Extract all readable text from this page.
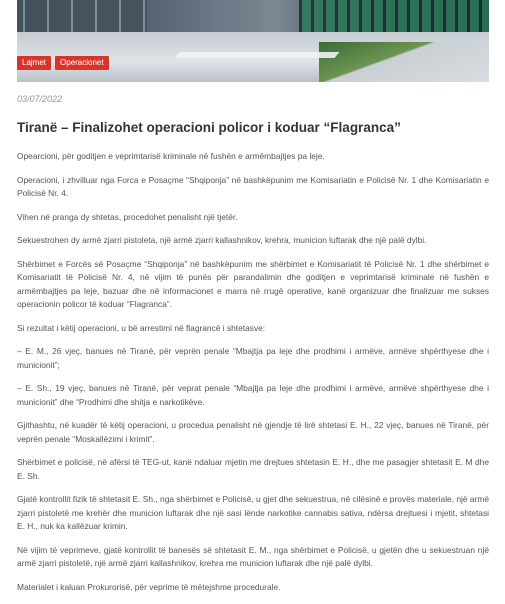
Lajmet	Operacionet
03/07/2022
Tiranë – Finalizohet operacioni policor i koduar “Flagranca”

Opearcioni, për goditjen e veprimtarisë kriminale në fushën e armëmbajtjes pa leje.

Operacioni, i zhvilluar nga Forca e Posaçme “Shqiponja” në bashkëpunim me Komisariatin e Policisë Nr. 1 dhe Komisariatin e Policisë Nr. 4.

Vihen në pranga dy shtetas, procedohet penalisht një tjetër.

Sekuestrohen dy armë zjarri pistoleta, një armë zjarri kallashnikov, krehra, municion luftarak dhe një palë dylbi.

Shërbimet e Forcës së Posaçme “Shqiponja” në bashkëpunim me shërbimet e Komisariatit të Policisë Nr. 1 dhe shërbimet e Komisariatit të Policisë Nr. 4, në vijim të punës për parandalimin dhe goditjen e veprimtarisë kriminale në fushën e armëmbajtjes pa leje, bazuar dhe në informacionet e marra në rrugë operative, kanë organizuar dhe finalizuar me sukses operacionin policor të koduar “Flagranca”.

Si rezultat i këtij operacioni, u bë arrestimi në flagrancë i shtetasve:

– E. M., 26 vjeç, banues në Tiranë, për veprën penale “Mbajtja pa leje dhe prodhimi i armëve, armëve shpërthyese dhe i municionit”;

– E. Sh., 19 vjeç, banues në Tiranë, për veprat penale “Mbajtja pa leje dhe prodhimi i armëve, armëve shpërthyese dhe i municionit” dhe “Prodhimi dhe shitja e narkotikëve.

Gjithashtu, në kuadër të këtij operacioni, u procedua penalisht në gjendje të lirë shtetasi E. H., 22 vjeç, banues në Tiranë, për veprën penale “Moskallëzimi i krimit”.

Shërbimet e policisë, në afërsi të TEG-ut, kanë ndaluar mjetin me drejtues shtetasin E. H., dhe me pasagjer shtetasit E. M dhe E. Sh.

Gjatë kontrollit fizik të shtetasit E. Sh., nga shërbimet e Policisë, u gjet dhe sekuestrua, në cilësinë e provës materiale, një armë zjarri pistoletë me krehër dhe municion luftarak dhe një sasi lënde narkotike cannabis sativa, ndërsa drejtuesi i mjetit, shtetasi E. H., nuk ka kallëzuar krimin.

Në vijim të veprimeve, gjatë kontrollit të banesës së shtetasit E. M., nga shërbimet e Policisë, u gjetën dhe u sekuestruan një armë zjarri pistoletë, një armë zjarri kallashnikov, krehra me municion luftarak dhe një palë dylbi.

Materialet i kaluan Prokurorisë, për veprime të mëtejshme procedurale.
